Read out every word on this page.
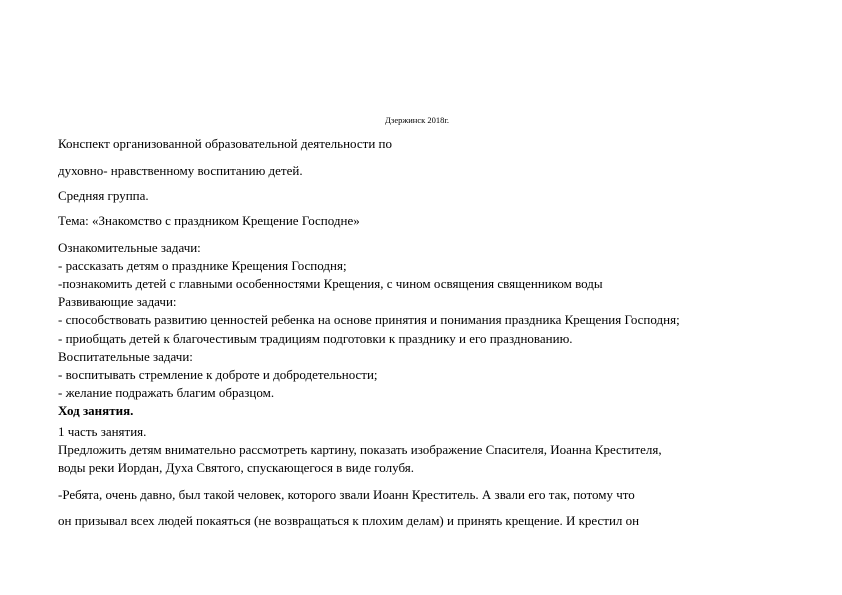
Дзержинск 2018г.
Конспект организованной образовательной деятельности по
духовно- нравственному воспитанию детей.
Средняя группа.
Тема: «Знакомство с праздником Крещение Господне»
Ознакомительные задачи:
- рассказать детям о празднике Крещения Господня;
-познакомить детей с главными особенностями Крещения, с чином освящения священником воды
Развивающие задачи:
- способствовать развитию ценностей ребенка на основе принятия и понимания праздника Крещения Господня;
- приобщать детей к благочестивым традициям подготовки к празднику и его празднованию.
Воспитательные задачи:
- воспитывать стремление к доброте и добродетельности;
- желание подражать благим образцом.
Ход занятия.
1 часть занятия.
Предложить детям внимательно рассмотреть картину, показать изображение Спасителя, Иоанна Крестителя,
воды реки Иордан, Духа Святого, спускающегося в виде голубя.
-Ребята, очень давно, был такой человек, которого звали Иоанн Креститель. А звали его так, потому что
он призывал всех людей покаяться (не возвращаться к плохим делам) и принять крещение. И крестил он
